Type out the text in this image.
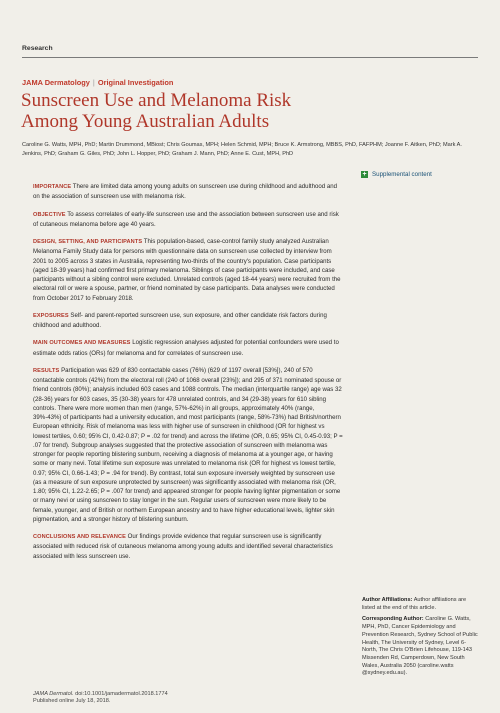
Research
JAMA Dermatology | Original Investigation
Sunscreen Use and Melanoma Risk
Among Young Australian Adults
Caroline G. Watts, MPH, PhD; Martin Drummond, MBiost; Chris Goumas, MPH; Helen Schmid, MPH; Bruce K. Armstrong, MBBS, PhD, FAFPHM; Joanne F. Aitken, PhD; Mark A. Jenkins, PhD; Graham G. Giles, PhD; John L. Hopper, PhD; Graham J. Mann, PhD; Anne E. Cust, MPH, PhD
+ Supplemental content

IMPORTANCE There are limited data among young adults on sunscreen use during childhood and adulthood and on the association of sunscreen use with melanoma risk.

OBJECTIVE To assess correlates of early-life sunscreen use and the association between sunscreen use and risk of cutaneous melanoma before age 40 years.

DESIGN, SETTING, AND PARTICIPANTS This population-based, case-control family study analyzed Australian Melanoma Family Study data for persons with questionnaire data on sunscreen use collected by interview from 2001 to 2005 across 3 states in Australia, representing two-thirds of the country's population. Case participants (aged 18-39 years) had confirmed first primary melanoma. Siblings of case participants were included, and case participants without a sibling control were excluded. Unrelated controls (aged 18-44 years) were recruited from the electoral roll or were a spouse, partner, or friend nominated by case participants. Data analyses were conducted from October 2017 to February 2018.

EXPOSURES Self- and parent-reported sunscreen use, sun exposure, and other candidate risk factors during childhood and adulthood.

MAIN OUTCOMES AND MEASURES Logistic regression analyses adjusted for potential confounders were used to estimate odds ratios (ORs) for melanoma and for correlates of sunscreen use.

RESULTS Participation was 629 of 830 contactable cases (76%) (629 of 1197 overall [53%]), 240 of 570 contactable controls (42%) from the electoral roll (240 of 1068 overall [23%]); and 295 of 371 nominated spouse or friend controls (80%); analysis included 603 cases and 1088 controls. The median (interquartile range) age was 32 (28-36) years for 603 cases, 35 (30-38) years for 478 unrelated controls, and 34 (29-38) years for 610 sibling controls. There were more women than men (range, 57%-62%) in all groups, approximately 40% (range, 39%-43%) of participants had a university education, and most participants (range, 58%-73%) had British/northern European ethnicity. Risk of melanoma was less with higher use of sunscreen in childhood (OR for highest vs lowest tertiles, 0.60; 95% CI, 0.42-0.87; P = .02 for trend) and across the lifetime (OR, 0.65; 95% CI, 0.45-0.93; P = .07 for trend). Subgroup analyses suggested that the protective association of sunscreen with melanoma was stronger for people reporting blistering sunburn, receiving a diagnosis of melanoma at a younger age, or having some or many nevi. Total lifetime sun exposure was unrelated to melanoma risk (OR for highest vs lowest tertile, 0.97; 95% CI, 0.66-1.43; P = .94 for trend). By contrast, total sun exposure inversely weighted by sunscreen use (as a measure of sun exposure unprotected by sunscreen) was significantly associated with melanoma risk (OR, 1.80; 95% CI, 1.22-2.65; P = .007 for trend) and appeared stronger for people having lighter pigmentation or some or many nevi or using sunscreen to stay longer in the sun. Regular users of sunscreen were more likely to be female, younger, and of British or northern European ancestry and to have higher educational levels, lighter skin pigmentation, and a stronger history of blistering sunburn.

CONCLUSIONS AND RELEVANCE Our findings provide evidence that regular sunscreen use is significantly associated with reduced risk of cutaneous melanoma among young adults and identified several characteristics associated with less sunscreen use.

Author Affiliations: Author affiliations are listed at the end of this article.

Corresponding Author: Caroline G. Watts, MPH, PhD, Cancer Epidemiology and Prevention Research, Sydney School of Public Health, The University of Sydney, Level 6-North, The Chris O'Brien Lifehouse, 119-143 Missenden Rd, Camperdown, New South Wales, Australia 2050 (caroline.watts @sydney.edu.au).

JAMA Dermatol. doi:10.1001/jamadermatol.2018.1774
Published online July 18, 2018.
